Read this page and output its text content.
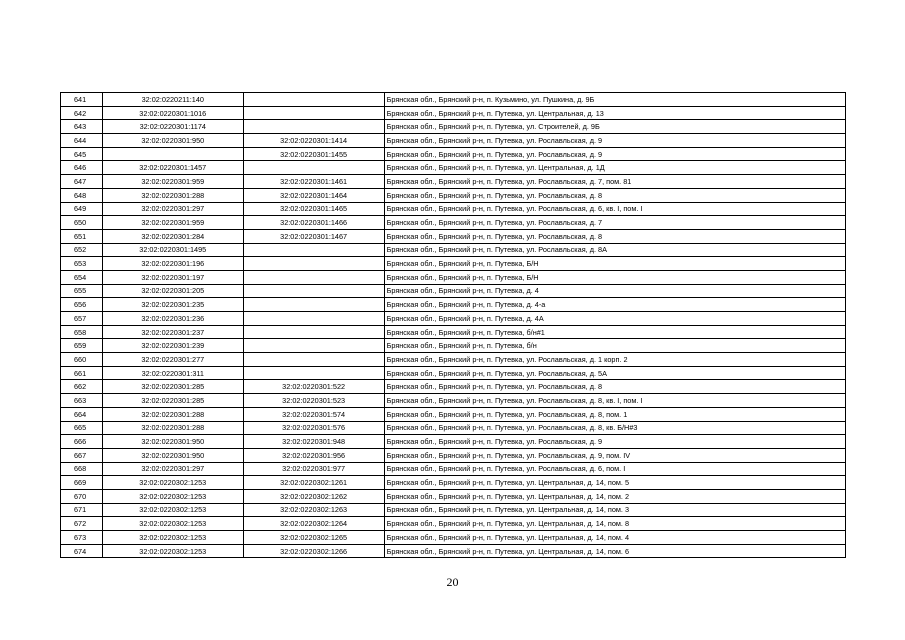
641	32:02:0220211:140		Брянская обл., Брянский р-н, п. Кузьмино, ул. Пушкина, д. 9Б
642	32:02:0220301:1016		Брянская обл., Брянский р-н, п. Путевка, ул. Центральная, д. 13
643	32:02:0220301:1174		Брянская обл., Брянский р-н, п. Путевка, ул. Строителей, д. 9Б
644	32:02:0220301:950	32:02:0220301:1414	Брянская обл., Брянский р-н, п. Путевка, ул. Рославльская, д. 9
645		32:02:0220301:1455	Брянская обл., Брянский р-н, п. Путевка, ул. Рославльская, д. 9
646	32:02:0220301:1457		Брянская обл., Брянский р-н, п. Путевка, ул. Центральная, д. 1Д
647	32:02:0220301:959	32:02:0220301:1461	Брянская обл., Брянский р-н, п. Путевка, ул. Рославльская, д. 7, пом. 81
648	32:02:0220301:288	32:02:0220301:1464	Брянская обл., Брянский р-н, п. Путевка, ул. Рославльская, д. 8
649	32:02:0220301:297	32:02:0220301:1465	Брянская обл., Брянский р-н, п. Путевка, ул. Рославльская, д. 6, кв. I, пом. I
650	32:02:0220301:959	32:02:0220301:1466	Брянская обл., Брянский р-н, п. Путевка, ул. Рославльская, д. 7
651	32:02:0220301:284	32:02:0220301:1467	Брянская обл., Брянский р-н, п. Путевка, ул. Рославльская, д. 8
652	32:02:0220301:1495		Брянская обл., Брянский р-н, п. Путевка, ул. Рославльская, д. 8А
653	32:02:0220301:196		Брянская обл., Брянский р-н, п. Путевка, Б/Н
654	32:02:0220301:197		Брянская обл., Брянский р-н, п. Путевка, Б/Н
655	32:02:0220301:205		Брянская обл., Брянский р-н, п. Путевка, д. 4
656	32:02:0220301:235		Брянская обл., Брянский р-н, п. Путевка, д. 4-а
657	32:02:0220301:236		Брянская обл., Брянский р-н, п. Путевка, д. 4А
658	32:02:0220301:237		Брянская обл., Брянский р-н, п. Путевка, б/н#1
659	32:02:0220301:239		Брянская обл., Брянский р-н, п. Путевка, б/н
660	32:02:0220301:277		Брянская обл., Брянский р-н, п. Путевка, ул. Рославльская, д. 1 корп. 2
661	32:02:0220301:311		Брянская обл., Брянский р-н, п. Путевка, ул. Рославльская, д. 5А
662	32:02:0220301:285	32:02:0220301:522	Брянская обл., Брянский р-н, п. Путевка, ул. Рославльская, д. 8
663	32:02:0220301:285	32:02:0220301:523	Брянская обл., Брянский р-н, п. Путевка, ул. Рославльская, д. 8, кв. I, пом. I
664	32:02:0220301:288	32:02:0220301:574	Брянская обл., Брянский р-н, п. Путевка, ул. Рославльская, д. 8, пом. 1
665	32:02:0220301:288	32:02:0220301:576	Брянская обл., Брянский р-н, п. Путевка, ул. Рославльская, д. 8, кв. Б/Н#3
666	32:02:0220301:950	32:02:0220301:948	Брянская обл., Брянский р-н, п. Путевка, ул. Рославльская, д. 9
667	32:02:0220301:950	32:02:0220301:956	Брянская обл., Брянский р-н, п. Путевка, ул. Рославльская, д. 9, пом. IV
668	32:02:0220301:297	32:02:0220301:977	Брянская обл., Брянский р-н, п. Путевка, ул. Рославльская, д. 6, пом. I
669	32:02:0220302:1253	32:02:0220302:1261	Брянская обл., Брянский р-н, п. Путевка, ул. Центральная, д. 14, пом. 5
670	32:02:0220302:1253	32:02:0220302:1262	Брянская обл., Брянский р-н, п. Путевка, ул. Центральная, д. 14, пом. 2
671	32:02:0220302:1253	32:02:0220302:1263	Брянская обл., Брянский р-н, п. Путевка, ул. Центральная, д. 14, пом. 3
672	32:02:0220302:1253	32:02:0220302:1264	Брянская обл., Брянский р-н, п. Путевка, ул. Центральная, д. 14, пом. 8
673	32:02:0220302:1253	32:02:0220302:1265	Брянская обл., Брянский р-н, п. Путевка, ул. Центральная, д. 14, пом. 4
674	32:02:0220302:1253	32:02:0220302:1266	Брянская обл., Брянский р-н, п. Путевка, ул. Центральная, д. 14, пом. 6
20
